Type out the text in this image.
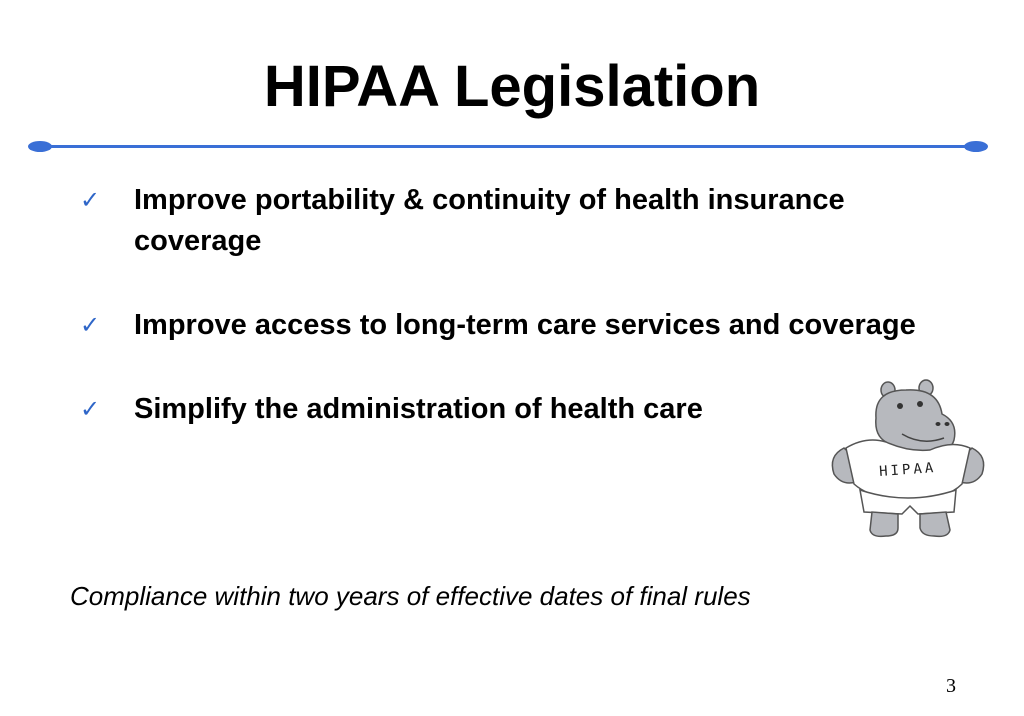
HIPAA Legislation
✓ Improve portability & continuity of health insurance coverage
✓ Improve access to long-term care services and coverage
✓ Simplify the administration of health care
HIPAA
Compliance within two years of effective dates of final rules
3
